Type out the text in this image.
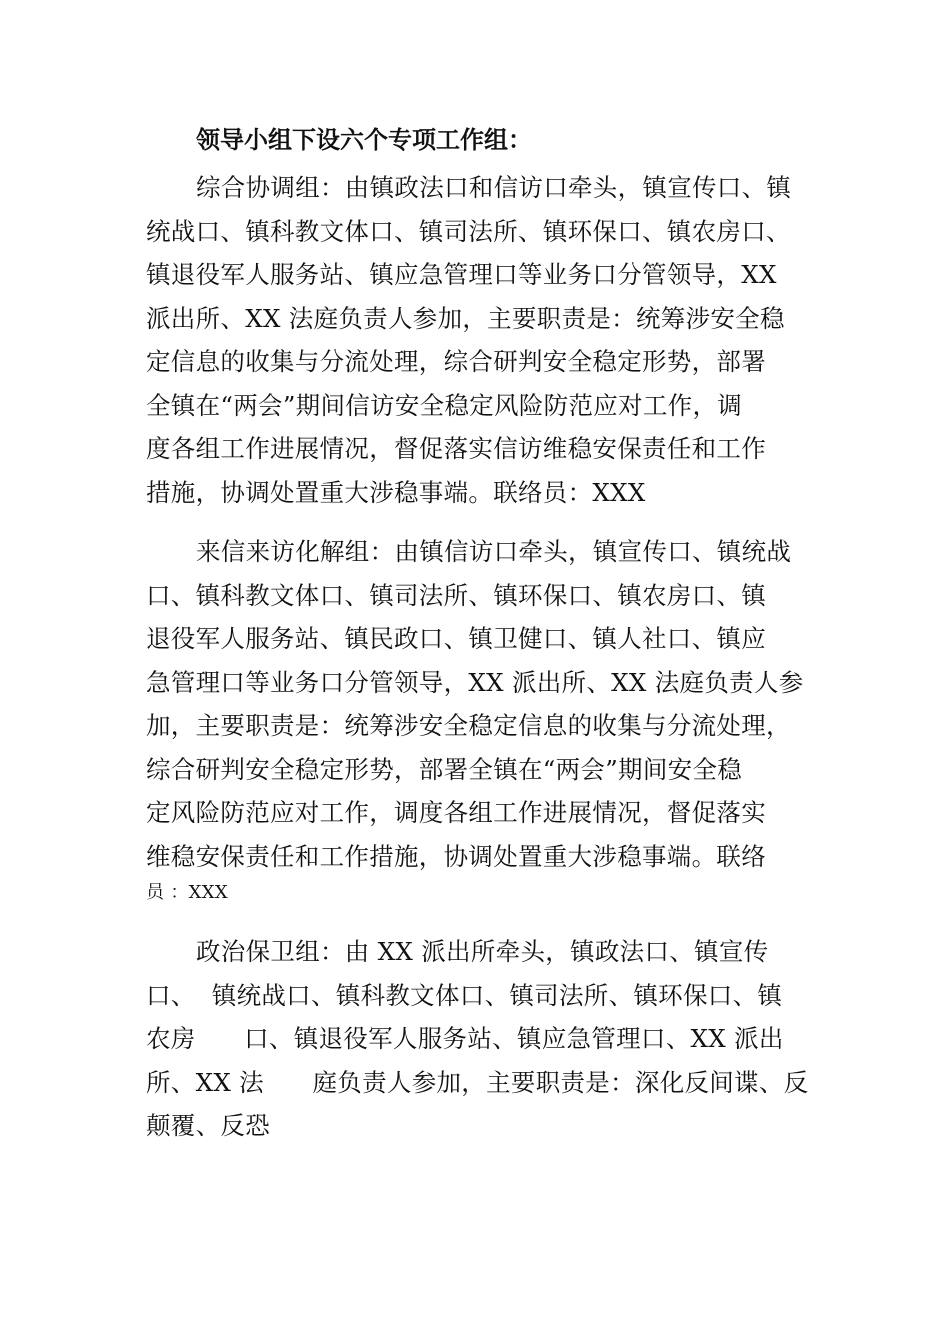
领导小组下设六个专项工作组：
综合协调组：由镇政法口和信访口牵头，镇宣传口、镇
统战口、镇科教文体口、镇司法所、镇环保口、镇农房口、
镇退役军人服务站、镇应急管理口等业务口分管领导，XX
派出所、XX 法庭负责人参加，主要职责是：统筹涉安全稳
定信息的收集与分流处理，综合研判安全稳定形势，部署
全镇在“两会”期间信访安全稳定风险防范应对工作，调
度各组工作进展情况，督促落实信访维稳安保责任和工作
措施，协调处置重大涉稳事端。联络员：XXX
来信来访化解组：由镇信访口牵头，镇宣传口、镇统战
口、镇科教文体口、镇司法所、镇环保口、镇农房口、镇
退役军人服务站、镇民政口、镇卫健口、镇人社口、镇应
急管理口等业务口分管领导，XX 派出所、XX 法庭负责人参
加，主要职责是：统筹涉安全稳定信息的收集与分流处理，
综合研判安全稳定形势，部署全镇在“两会”期间安全稳
定风险防范应对工作，调度各组工作进展情况，督促落实
维稳安保责任和工作措施，协调处置重大涉稳事端。联络
员 ：XXX
政治保卫组：由 XX 派出所牵头，镇政法口、镇宣传
口、  镇统战口、镇科教文体口、镇司法所、镇环保口、镇
农房      口、镇退役军人服务站、镇应急管理口、XX 派出
所、XX 法      庭负责人参加，主要职责是：深化反间谍、反
颠覆、反恐
